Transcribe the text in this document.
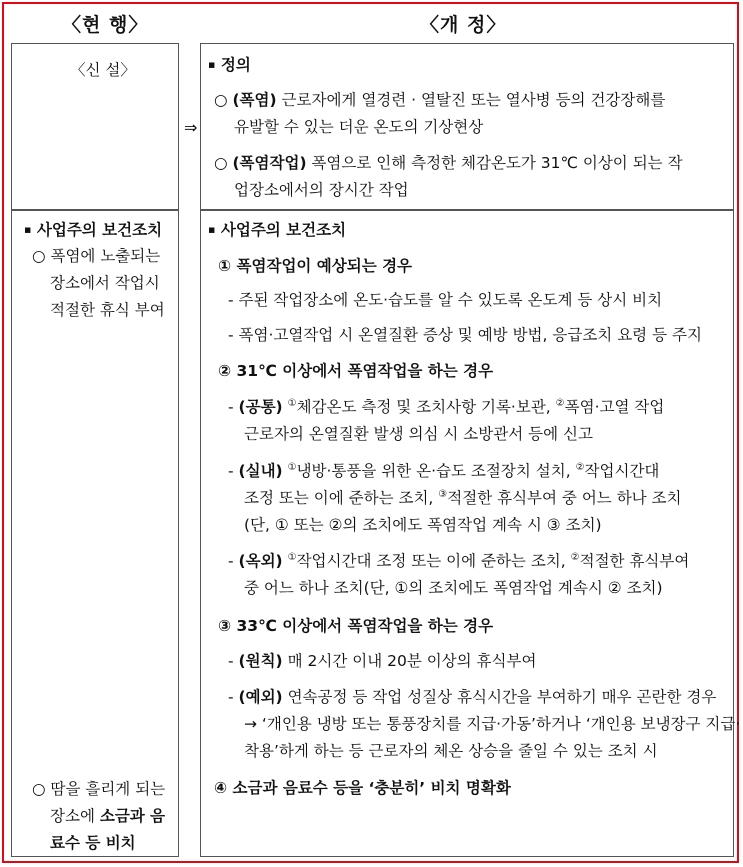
〈현 행〉	〈개 정〉
⇒
〈신 설〉
▪ 사업주의 보건조치
○ 폭염에 노출되는
장소에서 작업시
적절한 휴식 부여
○ 땀을 흘리게 되는
장소에 소금과 음
료수 등 비치
▪ 정의
○ (폭염) 근로자에게 열경련 · 열탈진 또는 열사병 등의 건강장해를
유발할 수 있는 더운 온도의 기상현상
○ (폭염작업) 폭염으로 인해 측정한 체감온도가 31℃ 이상이 되는 작
업장소에서의 장시간 작업
▪ 사업주의 보건조치
① 폭염작업이 예상되는 경우
- 주된 작업장소에 온도·습도를 알 수 있도록 온도계 등 상시 비치
- 폭염·고열작업 시 온열질환 증상 및 예방 방법, 응급조치 요령 등 주지
② 31℃ 이상에서 폭염작업을 하는 경우
- (공통) ①체감온도 측정 및 조치사항 기록·보관, ②폭염·고열 작업
근로자의 온열질환 발생 의심 시 소방관서 등에 신고
- (실내) ①냉방·통풍을 위한 온·습도 조절장치 설치, ②작업시간대
조정 또는 이에 준하는 조치, ③적절한 휴식부여 중 어느 하나 조치
(단, ① 또는 ②의 조치에도 폭염작업 계속 시 ③ 조치)
- (옥외) ①작업시간대 조정 또는 이에 준하는 조치, ②적절한 휴식부여
중 어느 하나 조치(단, ①의 조치에도 폭염작업 계속시 ② 조치)
③ 33℃ 이상에서 폭염작업을 하는 경우
- (원칙) 매 2시간 이내 20분 이상의 휴식부여
- (예외) 연속공정 등 작업 성질상 휴식시간을 부여하기 매우 곤란한 경우
→ ‘개인용 냉방 또는 통풍장치를 지급·가동’하거나 ‘개인용 보냉장구 지급·
착용’하게 하는 등 근로자의 체온 상승을 줄일 수 있는 조치 시
④ 소금과 음료수 등을 ‘충분히’ 비치 명확화
